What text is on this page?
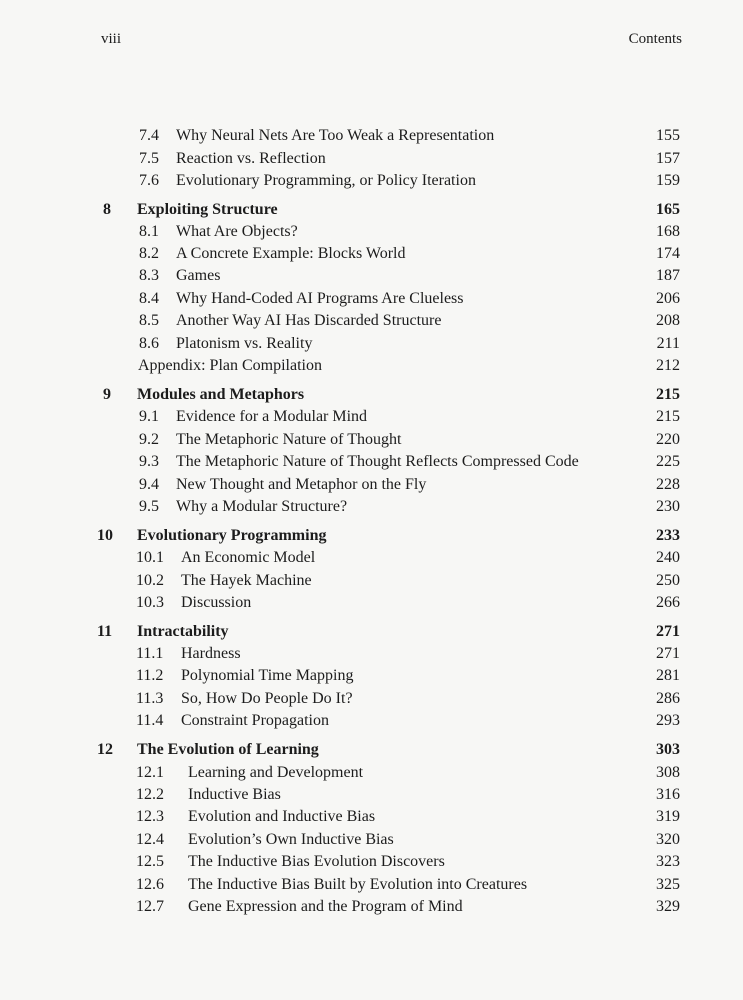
viii	Contents
7.4 Why Neural Nets Are Too Weak a Representation	155
7.5 Reaction vs. Reflection	157
7.6 Evolutionary Programming, or Policy Iteration	159
8 Exploiting Structure	165
8.1 What Are Objects?	168
8.2 A Concrete Example: Blocks World	174
8.3 Games	187
8.4 Why Hand-Coded AI Programs Are Clueless	206
8.5 Another Way AI Has Discarded Structure	208
8.6 Platonism vs. Reality	211
Appendix: Plan Compilation	212
9 Modules and Metaphors	215
9.1 Evidence for a Modular Mind	215
9.2 The Metaphoric Nature of Thought	220
9.3 The Metaphoric Nature of Thought Reflects Compressed Code	225
9.4 New Thought and Metaphor on the Fly	228
9.5 Why a Modular Structure?	230
10 Evolutionary Programming	233
10.1 An Economic Model	240
10.2 The Hayek Machine	250
10.3 Discussion	266
11 Intractability	271
11.1 Hardness	271
11.2 Polynomial Time Mapping	281
11.3 So, How Do People Do It?	286
11.4 Constraint Propagation	293
12 The Evolution of Learning	303
12.1 Learning and Development	308
12.2 Inductive Bias	316
12.3 Evolution and Inductive Bias	319
12.4 Evolution’s Own Inductive Bias	320
12.5 The Inductive Bias Evolution Discovers	323
12.6 The Inductive Bias Built by Evolution into Creatures	325
12.7 Gene Expression and the Program of Mind	329
